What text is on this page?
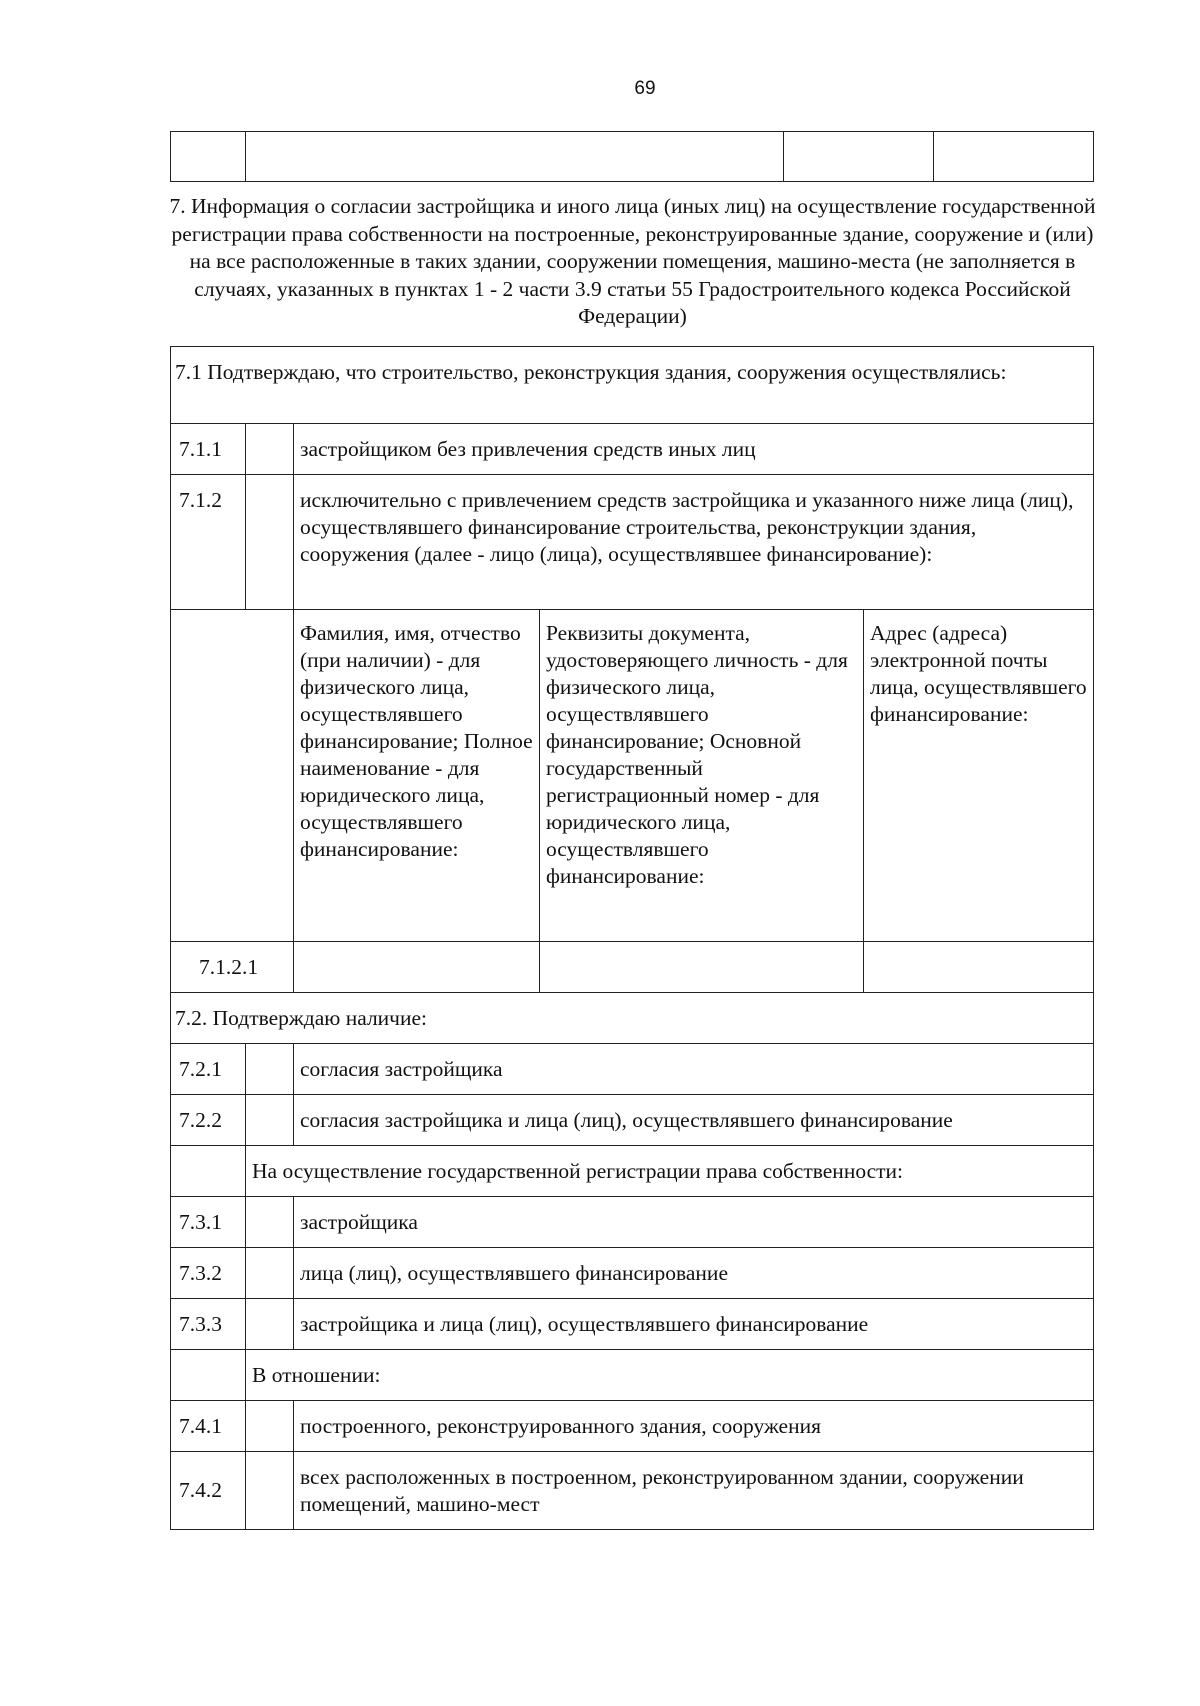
69

7. Информация о согласии застройщика и иного лица (иных лиц) на осуществление государственной регистрации права собственности на построенные, реконструированные здание, сооружение и (или) на все расположенные в таких здании, сооружении помещения, машино-места (не заполняется в случаях, указанных в пунктах 1 - 2 части 3.9 статьи 55 Градостроительного кодекса Российской Федерации)
7.1 Подтверждаю, что строительство, реконструкция здания, сооружения осуществлялись:				
7.1.1		застройщиком без привлечения средств иных лиц		
7.1.2		исключительно с привлечением средств застройщика и указанного ниже лица (лиц), осуществлявшего финансирование строительства, реконструкции здания, сооружения (далее - лицо (лица), осуществлявшее финансирование):		
		Фамилия, имя, отчество (при наличии) - для физического лица, осуществлявшего финансирование; Полное наименование - для юридического лица, осуществлявшего финансирование:	Реквизиты документа, удостоверяющего личность - для физического лица, осуществлявшего финансирование; Основной государственный регистрационный номер - для юридического лица, осуществлявшего финансирование:	Адрес (адреса) электронной почты лица, осуществлявшего финансирование:
7.1.2.1				
7.2. Подтверждаю наличие:				
7.2.1		согласия застройщика		
7.2.2		согласия застройщика и лица (лиц), осуществлявшего финансирование		
	На осуществление государственной регистрации права собственности:			
7.3.1		застройщика		
7.3.2		лица (лиц), осуществлявшего финансирование		
7.3.3		застройщика и лица (лиц), осуществлявшего финансирование		
	В отношении:			
7.4.1		построенного, реконструированного здания, сооружения		
7.4.2		всех расположенных в построенном, реконструированном здании, сооружении помещений, машино-мест		
